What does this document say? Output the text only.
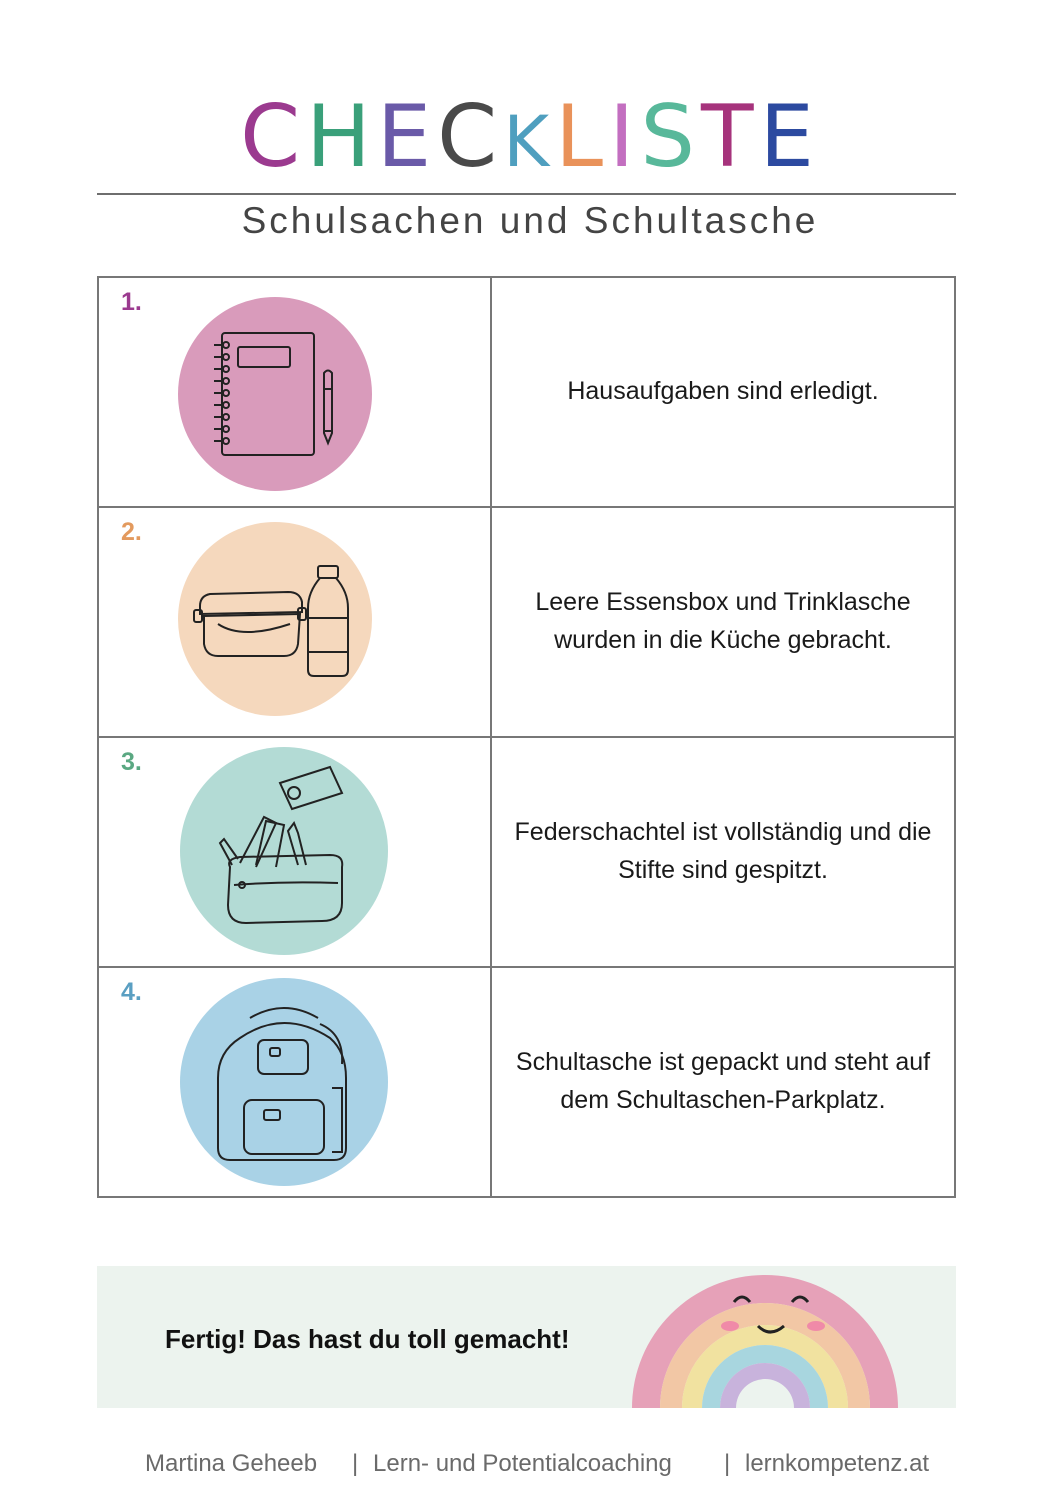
CHECKLISTE
Schulsachen und Schultasche
1.
Hausaufgaben sind erledigt.
2.
Leere Essensbox und Trinklasche wurden in die Küche gebracht.
3.
Federschachtel ist vollständig und die Stifte sind gespitzt.
4.
Schultasche ist gepackt und steht auf dem Schultaschen-Parkplatz.
Fertig! Das hast du toll gemacht!
Martina Geheeb | Lern- und Potentialcoaching | lernkompetenz.at
